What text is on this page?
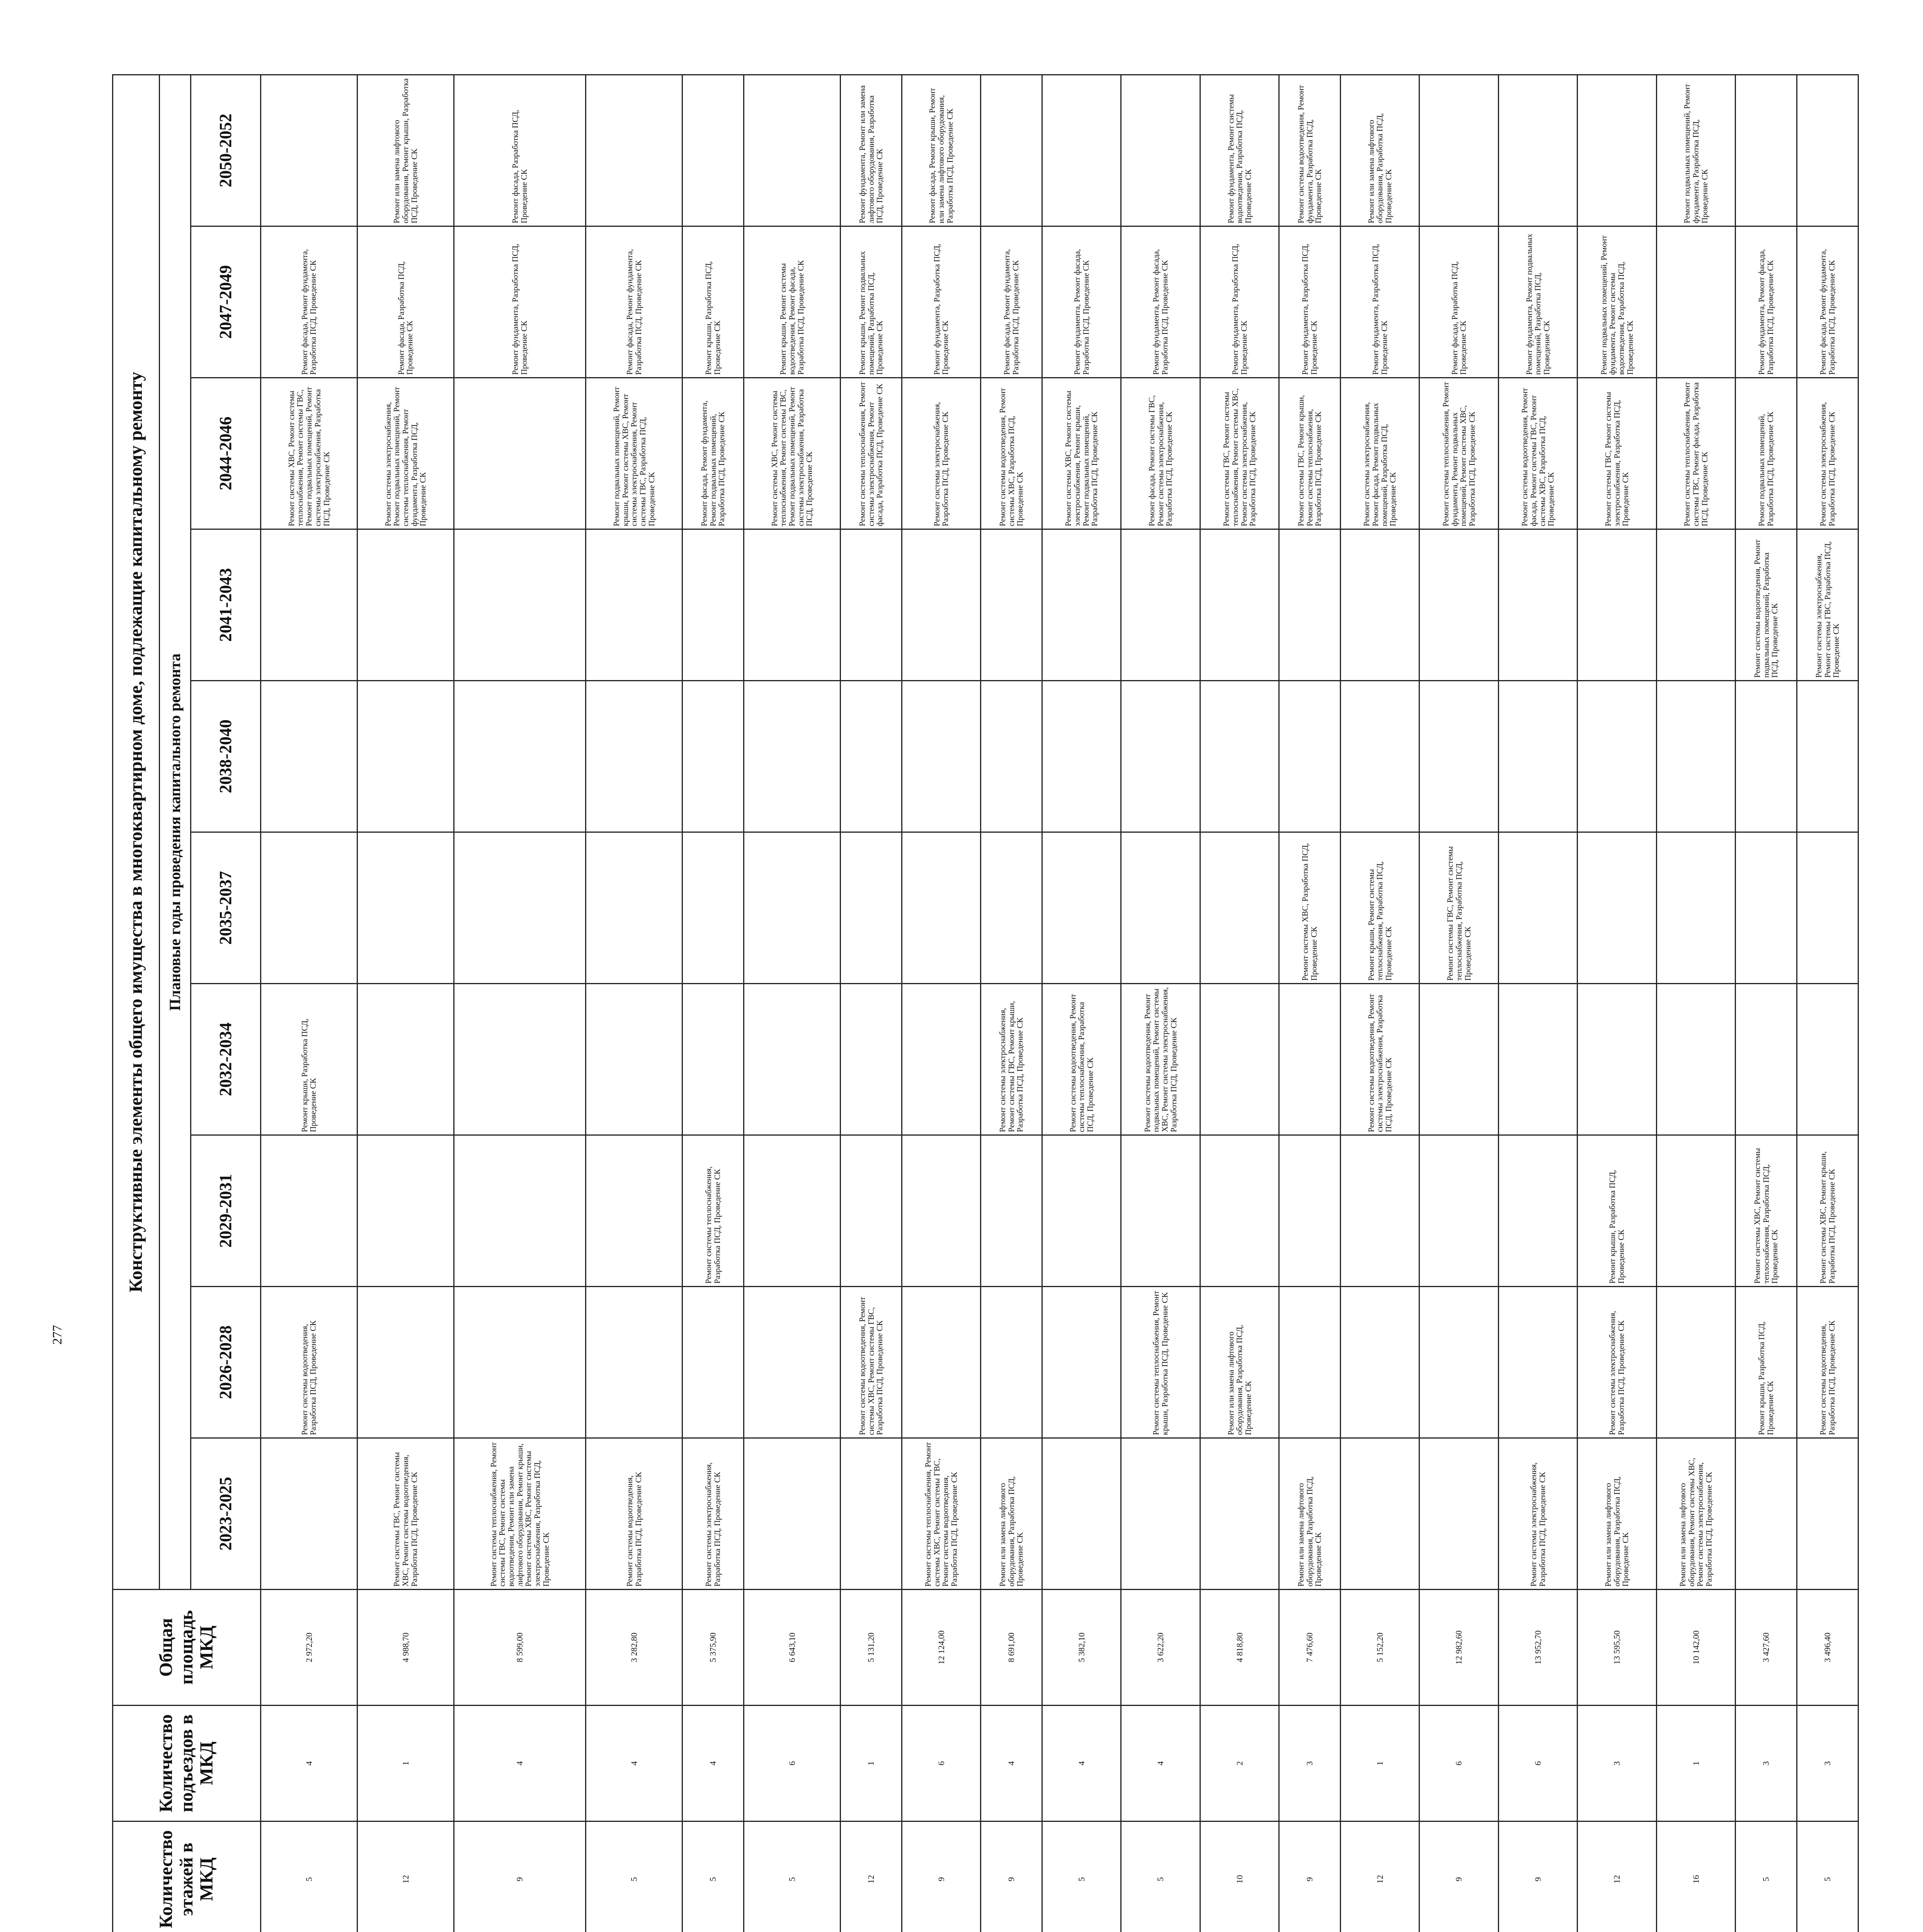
277
						Количество этажей в МКД	Количество подъездов в МКД	Общая площадь МКД	Конструктивные элементы общего имущества в многоквартирном доме, подлежащие капитальному ремонту									
									Плановые годы проведения капитального ремонта									
									2023-2025	2026-2028	2029-2031	2032-2034	2035-2037	2038-2040	2041-2043	2044-2046	2047-2049	2050-2052
						5	4	2 972,20		Ремонт системы водоотведения, Разработка ПСД, Проведение СК		Ремонт крыши, Разработка ПСД, Проведение СК				Ремонт системы ХВС, Ремонт системы теплоснабжения, Ремонт системы ГВС, Ремонт подвальных помещений, Ремонт системы электроснабжения, Разработка ПСД, Проведение СК	Ремонт фасада, Ремонт фундамента, Разработка ПСД, Проведение СК	
						12	1	4 988,70	Ремонт системы ГВС, Ремонт системы ХВС, Ремонт системы водоотведения, Разработка ПСД, Проведение СК							Ремонт системы электроснабжения, Ремонт подвальных помещений, Ремонт системы теплоснабжения, Ремонт фундамента, Разработка ПСД, Проведение СК	Ремонт фасада, Разработка ПСД, Проведение СК	Ремонт или замена лифтового оборудования, Ремонт крыши, Разработка ПСД, Проведение СК
						9	4	8 599,00	Ремонт системы теплоснабжения, Ремонт системы ГВС, Ремонт системы водоотведения, Ремонт или замена лифтового оборудования, Ремонт крыши, Ремонт системы ХВС, Ремонт системы электроснабжения, Разработка ПСД, Проведение СК								Ремонт фундамента, Разработка ПСД, Проведение СК	Ремонт фасада, Разработка ПСД, Проведение СК
						5	4	3 282,80	Ремонт системы водоотведения, Разработка ПСД, Проведение СК							Ремонт подвальных помещений, Ремонт крыши, Ремонт системы ХВС, Ремонт системы электроснабжения, Ремонт системы ГВС, Разработка ПСД, Проведение СК	Ремонт фасада, Ремонт фундамента, Разработка ПСД, Проведение СК	
						5	4	5 375,90	Ремонт системы электроснабжения, Разработка ПСД, Проведение СК		Ремонт системы теплоснабжения, Разработка ПСД, Проведение СК					Ремонт фасада, Ремонт фундамента, Ремонт подвальных помещений, Разработка ПСД, Проведение СК	Ремонт крыши, Разработка ПСД, Проведение СК	
						5	6	6 643,10								Ремонт системы ХВС, Ремонт системы теплоснабжения, Ремонт системы ГВС, Ремонт подвальных помещений, Ремонт системы электроснабжения, Разработка ПСД, Проведение СК	Ремонт крыши, Ремонт системы водоотведения, Ремонт фасада, Разработка ПСД, Проведение СК	
						12	1	5 131,20		Ремонт системы водоотведения, Ремонт системы ХВС, Ремонт системы ГВС, Разработка ПСД, Проведение СК						Ремонт системы теплоснабжения, Ремонт системы электроснабжения, Ремонт фасада, Разработка ПСД, Проведение СК	Ремонт крыши, Ремонт подвальных помещений, Разработка ПСД, Проведение СК	Ремонт фундамента, Ремонт или замена лифтового оборудования, Разработка ПСД, Проведение СК
						9	6	12 124,00	Ремонт системы теплоснабжения, Ремонт системы ХВС, Ремонт системы ГВС, Ремонт системы водоотведения, Разработка ПСД, Проведение СК							Ремонт системы электроснабжения, Разработка ПСД, Проведение СК	Ремонт фундамента, Разработка ПСД, Проведение СК	Ремонт фасада, Ремонт крыши, Ремонт или замена лифтового оборудования, Разработка ПСД, Проведение СК
						9	4	8 691,00	Ремонт или замена лифтового оборудования, Разработка ПСД, Проведение СК			Ремонт системы электроснабжения, Ремонт системы ГВС, Ремонт крыши, Разработка ПСД, Проведение СК				Ремонт системы водоотведения, Ремонт системы ХВС, Разработка ПСД, Проведение СК	Ремонт фасада, Ремонт фундамента, Разработка ПСД, Проведение СК	
						5	4	5 382,10				Ремонт системы водоотведения, Ремонт системы теплоснабжения, Разработка ПСД, Проведение СК				Ремонт системы ХВС, Ремонт системы электроснабжения, Ремонт крыши, Ремонт подвальных помещений, Разработка ПСД, Проведение СК	Ремонт фундамента, Ремонт фасада, Разработка ПСД, Проведение СК	
						5	4	3 622,20		Ремонт системы теплоснабжения, Ремонт крыши, Разработка ПСД, Проведение СК		Ремонт системы водоотведения, Ремонт подвальных помещений, Ремонт системы ХВС, Ремонт системы электроснабжения, Разработка ПСД, Проведение СК				Ремонт фасада, Ремонт системы ГВС, Ремонт системы электроснабжения, Разработка ПСД, Проведение СК	Ремонт фундамента, Ремонт фасада, Разработка ПСД, Проведение СК	
						10	2	4 818,80		Ремонт или замена лифтового оборудования, Разработка ПСД, Проведение СК						Ремонт системы ГВС, Ремонт системы теплоснабжения, Ремонт системы ХВС, Ремонт системы электроснабжения, Разработка ПСД, Проведение СК	Ремонт фундамента, Разработка ПСД, Проведение СК	Ремонт фундамента, Ремонт системы водоотведения, Разработка ПСД, Проведение СК
						9	3	7 476,60	Ремонт или замена лифтового оборудования, Разработка ПСД, Проведение СК				Ремонт системы ХВС, Разработка ПСД, Проведение СК			Ремонт системы ГВС, Ремонт крыши, Ремонт системы теплоснабжения, Разработка ПСД, Проведение СК	Ремонт фундамента, Разработка ПСД, Проведение СК	Ремонт системы водоотведения, Ремонт фундамента, Разработка ПСД, Проведение СК
						12	1	5 152,20				Ремонт системы водоотведения, Ремонт системы электроснабжения, Разработка ПСД, Проведение СК	Ремонт крыши, Ремонт системы теплоснабжения, Разработка ПСД, Проведение СК			Ремонт системы электроснабжения, Ремонт фасада, Ремонт подвальных помещений, Разработка ПСД, Проведение СК	Ремонт фундамента, Разработка ПСД, Проведение СК	Ремонт или замена лифтового оборудования, Разработка ПСД, Проведение СК
						9	6	12 982,60					Ремонт системы ГВС, Ремонт системы теплоснабжения, Разработка ПСД, Проведение СК			Ремонт системы теплоснабжения, Ремонт фундамента, Ремонт подвальных помещений, Ремонт системы ХВС, Разработка ПСД, Проведение СК	Ремонт фасада, Разработка ПСД, Проведение СК	
						9	6	13 952,70	Ремонт системы электроснабжения, Разработка ПСД, Проведение СК							Ремонт системы водоотведения, Ремонт фасада, Ремонт системы ГВС, Ремонт системы ХВС, Разработка ПСД, Проведение СК	Ремонт фундамента, Ремонт подвальных помещений, Разработка ПСД, Проведение СК	
						12	3	13 595,50	Ремонт или замена лифтового оборудования, Разработка ПСД, Проведение СК	Ремонт системы электроснабжения, Разработка ПСД, Проведение СК	Ремонт крыши, Разработка ПСД, Проведение СК					Ремонт системы ГВС, Ремонт системы электроснабжения, Разработка ПСД, Проведение СК	Ремонт подвальных помещений, Ремонт фундамента, Ремонт системы водоотведения, Разработка ПСД, Проведение СК	
						16	1	10 142,00	Ремонт или замена лифтового оборудования, Ремонт системы ХВС, Ремонт системы электроснабжения, Разработка ПСД, Проведение СК							Ремонт системы теплоснабжения, Ремонт системы ГВС, Ремонт фасада, Разработка ПСД, Проведение СК		Ремонт подвальных помещений, Ремонт фундамента, Разработка ПСД, Проведение СК
						5	3	3 427,60		Ремонт крыши, Разработка ПСД, Проведение СК	Ремонт системы ХВС, Ремонт системы теплоснабжения, Разработка ПСД, Проведение СК				Ремонт системы водоотведения, Ремонт подвальных помещений, Разработка ПСД, Проведение СК	Ремонт подвальных помещений, Разработка ПСД, Проведение СК	Ремонт фундамента, Ремонт фасада, Разработка ПСД, Проведение СК	
						5	3	3 496,40		Ремонт системы водоотведения, Разработка ПСД, Проведение СК	Ремонт системы ХВС, Ремонт крыши, Разработка ПСД, Проведение СК				Ремонт системы электроснабжения, Ремонт системы ГВС, Разработка ПСД, Проведение СК	Ремонт системы электроснабжения, Разработка ПСД, Проведение СК	Ремонт фасада, Ремонт фундамента, Разработка ПСД, Проведение СК	
